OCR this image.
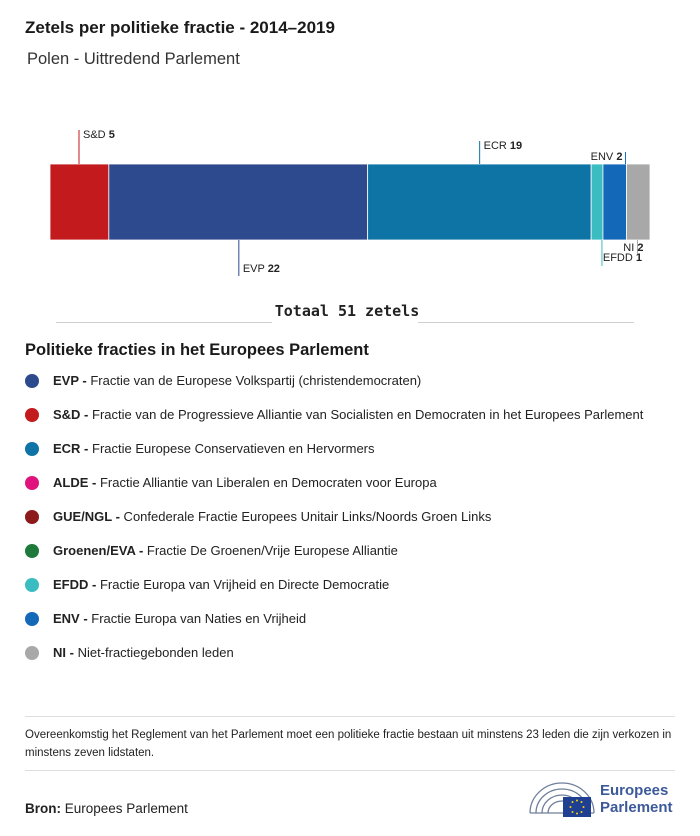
Zetels per politieke fractie - 2014–2019
Polen - Uittredend Parlement
S&D 5
EVP 22
ECR 19
EFDD 1
ENV 2
NI 2
Totaal 51 zetels
Politieke fracties in het Europees Parlement
EVP - Fractie van de Europese Volkspartij (christendemocraten)
S&D - Fractie van de Progressieve Alliantie van Socialisten en Democraten in het Europees Parlement
ECR - Fractie Europese Conservatieven en Hervormers
ALDE - Fractie Alliantie van Liberalen en Democraten voor Europa
GUE/NGL - Confederale Fractie Europees Unitair Links/Noords Groen Links
Groenen/EVA - Fractie De Groenen/Vrije Europese Alliantie
EFDD - Fractie Europa van Vrijheid en Directe Democratie
ENV - Fractie Europa van Naties en Vrijheid
NI - Niet-fractiegebonden leden
Overeenkomstig het Reglement van het Parlement moet een politieke fractie bestaan uit minstens 23 leden die zijn verkozen in minstens zeven lidstaten.
Bron: Europees Parlement
Europees
Parlement
